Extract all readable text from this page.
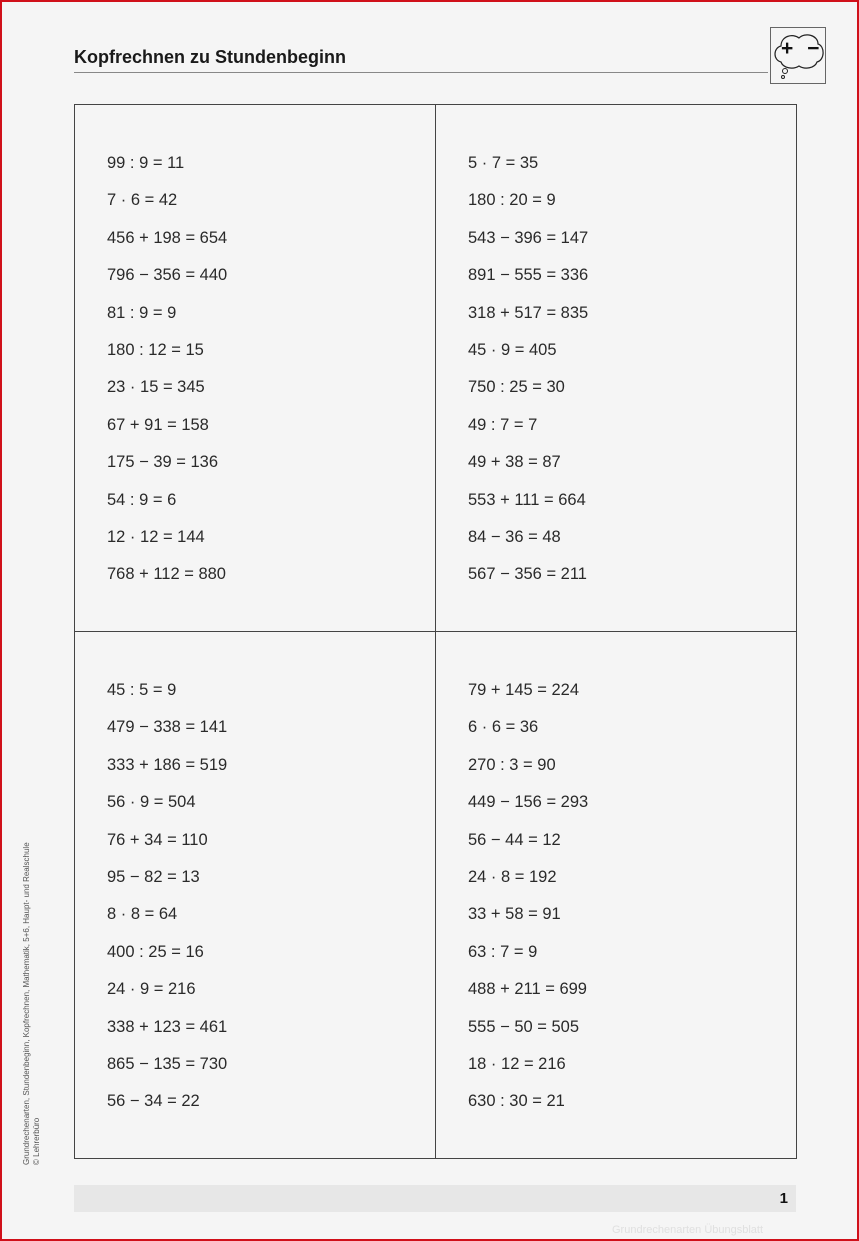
Kopfrechnen zu Stundenbeginn	+ −
99 : 9 = 11
7 · 6 = 42
456 + 198 = 654
796 − 356 = 440
81 : 9 = 9
180 : 12 = 15
23 · 15 = 345
67 + 91 = 158
175 − 39 = 136
54 : 9 = 6
12 · 12 = 144
768 + 112 = 880
5 · 7 = 35
180 : 20 = 9
543 − 396 = 147
891 − 555 = 336
318 + 517 = 835
45 · 9 = 405
750 : 25 = 30
49 : 7 = 7
49 + 38 = 87
553 + 111 = 664
84 − 36 = 48
567 − 356 = 211
45 : 5 = 9
479 − 338 = 141
333 + 186 = 519
56 · 9 = 504
76 + 34 = 110
95 − 82 = 13
8 · 8 = 64
400 : 25 = 16
24 · 9 = 216
338 + 123 = 461
865 − 135 = 730
56 − 34 = 22
79 + 145 = 224
6 · 6 = 36
270 : 3 = 90
449 − 156 = 293
56 − 44 = 12
24 · 8 = 192
33 + 58 = 91
63 : 7 = 9
488 + 211 = 699
555 − 50 = 505
18 · 12 = 216
630 : 30 = 21
Grundrechenarten, Stundenbeginn, Kopfrechnen, Mathematik, 5+6, Haupt- und Realschule © Lehrerbüro
1
Grundrechenarten Übungsblatt
